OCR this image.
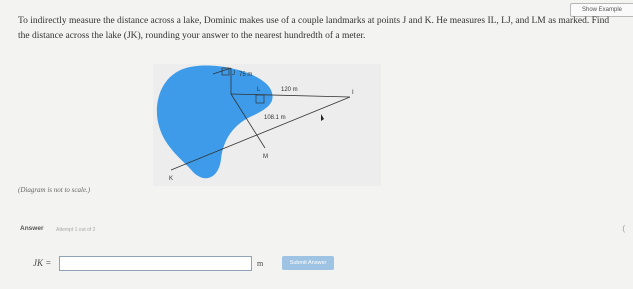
Show Example
To indirectly measure the distance across a lake, Dominic makes use of a couple landmarks at points J and K. He measures IL, LJ, and LM as marked. Find the distance across the lake (JK), rounding your answer to the nearest hundredth of a meter.
J 75 m
L	120 m	I
108.1 m
M
K
(Diagram is not to scale.)
Answer	Attempt 1 out of 2	(
JK =	m	Submit Answer
